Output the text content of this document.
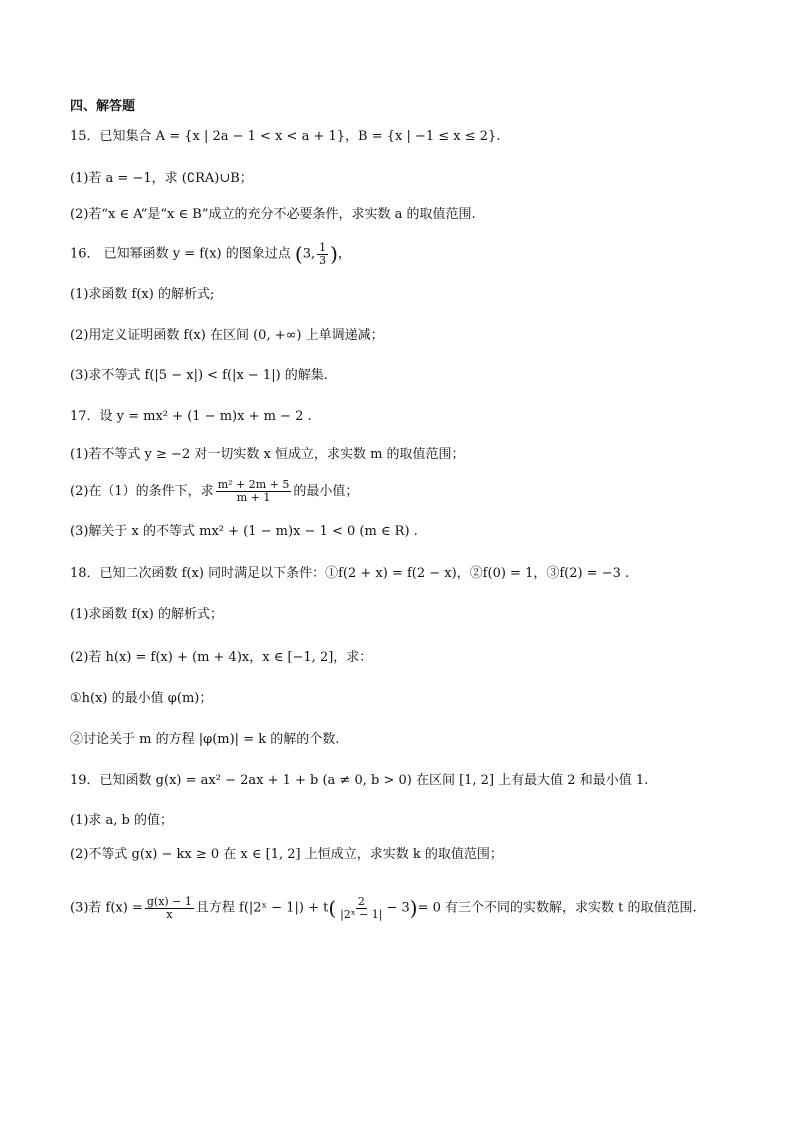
四、解答题
15．已知集合 A = {x | 2a − 1 < x < a + 1}，B = {x | −1 ≤ x ≤ 2}.
(1)若 a = −1，求 (∁RA)∪B；
(2)若“x ∈ A”是“x ∈ B”成立的充分不必要条件，求实数 a 的取值范围.
16． 已知幂函数 y = f(x) 的图象过点 (3, $\frac{1}{3}$ )，
(1)求函数 f(x) 的解析式;
(2)用定义证明函数 f(x) 在区间 (0, +∞) 上单调递减；
(3)求不等式 f(|5 − x|) < f(|x − 1|) 的解集.
17．设 y = mx² + (1 − m)x + m − 2 .
(1)若不等式 y ≥ −2 对一切实数 x 恒成立，求实数 m 的取值范围；
(2)在（1）的条件下，求 $\frac{\text{m² + 2m + 5}}{m + 1}$ 的最小值；
(3)解关于 x 的不等式 mx² + (1 − m)x − 1 < 0 (m ∈ R) .
18．已知二次函数 f(x) 同时满足以下条件：①f(2 + x) = f(2 − x)，②f(0) = 1，③f(2) = −3 .
(1)求函数 f(x) 的解析式；
(2)若 h(x) = f(x) + (m + 4)x，x ∈ [−1, 2]，求：
①h(x) 的最小值 φ(m)；
②讨论关于 m 的方程 |φ(m)| = k 的解的个数.
19．已知函数 g(x) = ax² − 2ax + 1 + b (a ≠ 0, b > 0) 在区间 [1, 2] 上有最大值 2 和最小值 1.
(1)求 a, b 的值；
(2)不等式 g(x) − kx ≥ 0 在 x ∈ [1, 2] 上恒成立，求实数 k 的取值范围；
(3)若 $f(x) = \frac{g(x) - 1}{x}$ 且方程 f(|2ˣ − $1|) + t( \frac{2}{\text{|2ˣ − 1|}} - 3)= 0$ 有三个不同的实数解，求实数 t 的取值范围.
